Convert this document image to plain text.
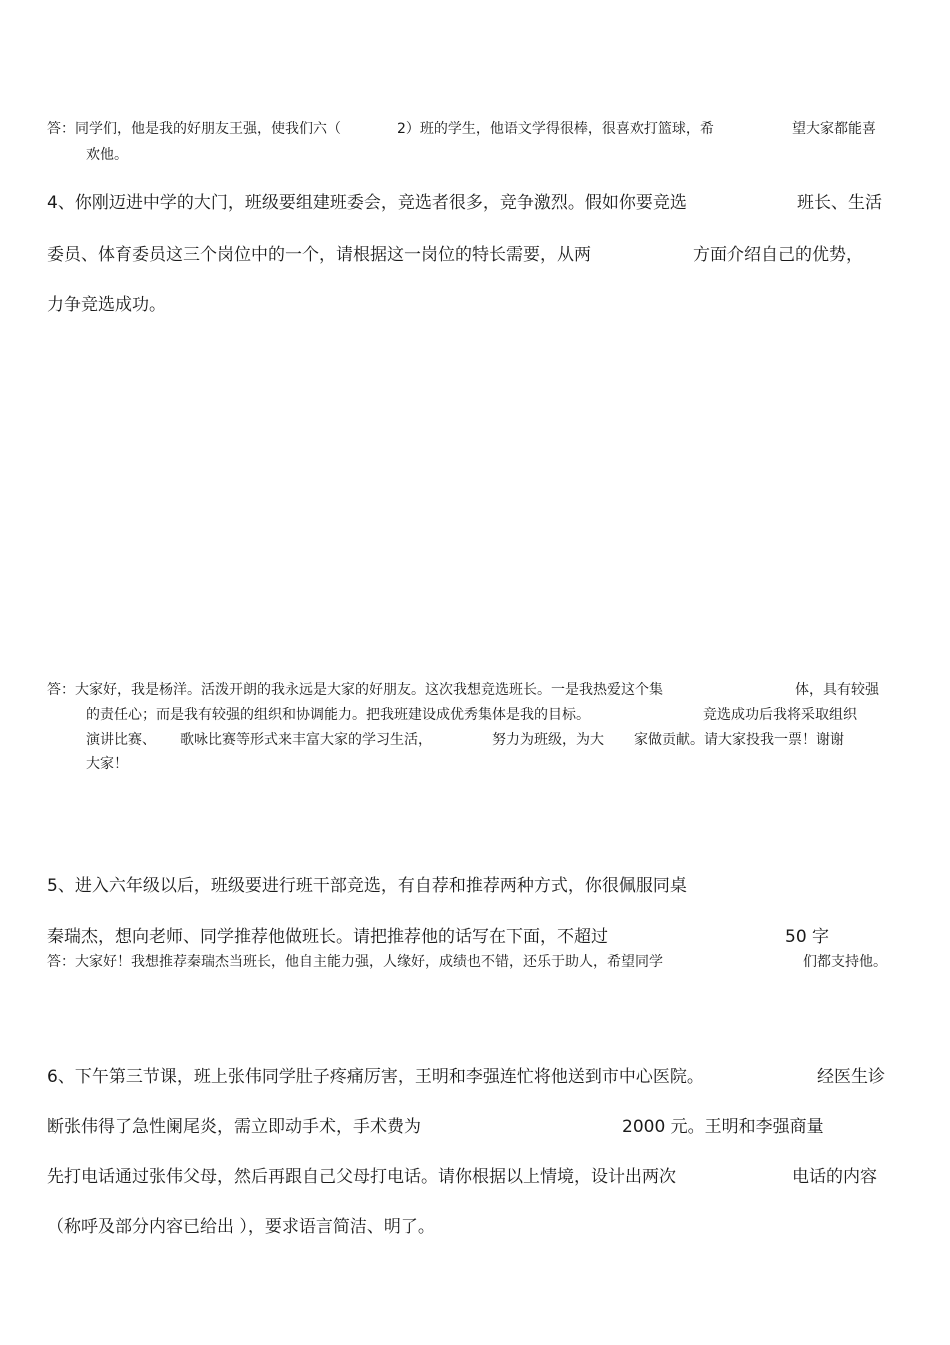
答：同学们，他是我的好朋友王强，使我们六（	2）班的学生，他语文学得很棒，很喜欢打篮球，希	望大家都能喜
欢他。
4、你刚迈进中学的大门，班级要组建班委会，竞选者很多，竞争激烈。假如你要竞选	班长、生活
委员、体育委员这三个岗位中的一个，请根据这一岗位的特长需要，从两	方面介绍自己的优势，
力争竞选成功。
答：大家好，我是杨洋。活泼开朗的我永远是大家的好朋友。这次我想竞选班长。一是我热爱这个集	体，具有较强
的责任心；而是我有较强的组织和协调能力。把我班建设成优秀集体是我的目标。	竞选成功后我将采取组织
演讲比赛、 歌咏比赛等形式来丰富大家的学习生活，	努力为班级，为大 家做贡献。请大家投我一票！谢谢
大家！
5、进入六年级以后，班级要进行班干部竞选，有自荐和推荐两种方式，你很佩服同桌
秦瑞杰，想向老师、同学推荐他做班长。请把推荐他的话写在下面，不超过	50 字
答：大家好！我想推荐秦瑞杰当班长，他自主能力强，人缘好，成绩也不错，还乐于助人，希望同学	们都支持他。
6、下午第三节课，班上张伟同学肚子疼痛厉害，王明和李强连忙将他送到市中心医院。	经医生诊
断张伟得了急性阑尾炎，需立即动手术，手术费为	2000 元。王明和李强商量
先打电话通过张伟父母，然后再跟自己父母打电话。请你根据以上情境，设计出两次	电话的内容
（称呼及部分内容已给出 ），要求语言简洁、明了。
